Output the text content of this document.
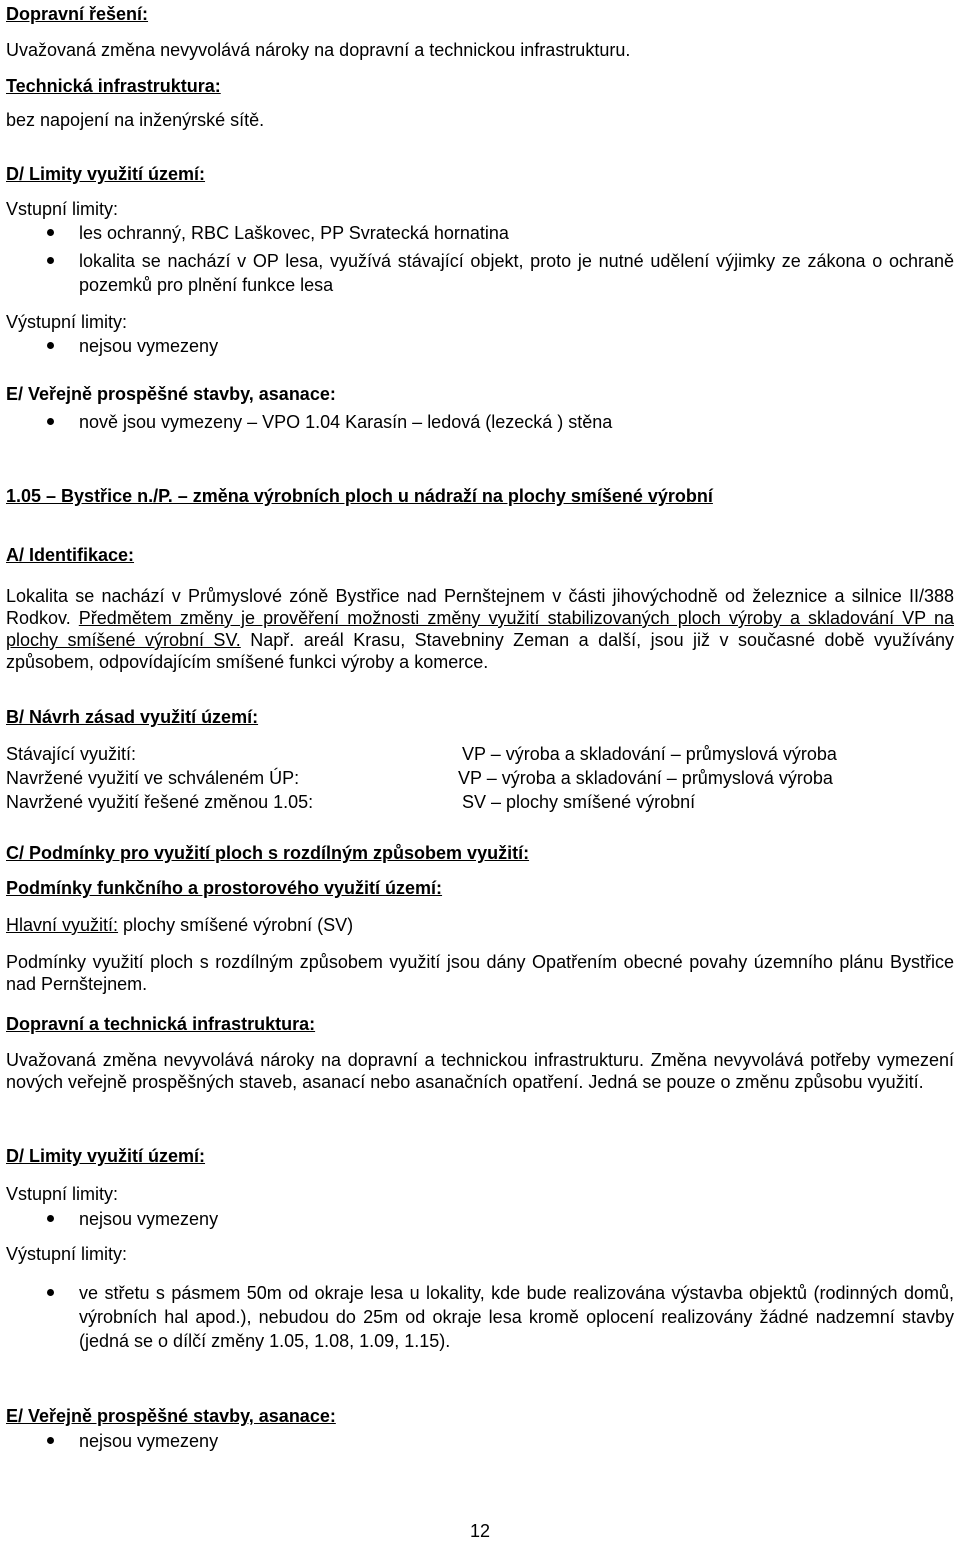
Dopravní řešení:
Uvažovaná změna nevyvolává nároky na dopravní a technickou infrastrukturu.
Technická infrastruktura:
bez napojení na inženýrské sítě.
D/ Limity využití území:
Vstupní limity:
les ochranný, RBC Laškovec, PP Svratecká hornatina
lokalita se nachází v OP lesa, využívá stávající objekt, proto je nutné udělení výjimky ze zákona o ochraně pozemků pro plnění funkce lesa
Výstupní limity:
nejsou vymezeny
E/ Veřejně prospěšné stavby, asanace:
nově jsou vymezeny – VPO 1.04 Karasín – ledová (lezecká ) stěna
1.05 – Bystřice n./P. – změna výrobních ploch u nádraží na plochy smíšené výrobní
A/ Identifikace:
Lokalita se nachází v Průmyslové zóně Bystřice nad Pernštejnem v části jihovýchodně od železnice a silnice II/388 Rodkov. Předmětem změny je prověření možnosti změny využití stabilizovaných ploch výroby a skladování VP na plochy smíšené výrobní SV. Např. areál Krasu, Stavebniny Zeman a další, jsou již v současné době využívány způsobem, odpovídajícím smíšené funkci výroby a komerce.
B/ Návrh zásad využití území:
Stávající využití:	VP – výroba a skladování – průmyslová výroba
Navržené využití ve schváleném ÚP:	VP – výroba a skladování – průmyslová výroba
Navržené využití řešené změnou 1.05:	SV – plochy smíšené výrobní
C/ Podmínky pro využití ploch s rozdílným způsobem využití:
Podmínky funkčního a prostorového využití území:
Hlavní využití: plochy smíšené výrobní (SV)
Podmínky využití ploch s rozdílným způsobem využití jsou dány Opatřením obecné povahy územního plánu Bystřice nad Pernštejnem.
Dopravní a technická infrastruktura:
Uvažovaná změna nevyvolává nároky na dopravní a technickou infrastrukturu. Změna nevyvolává potřeby vymezení nových veřejně prospěšných staveb, asanací nebo asanačních opatření. Jedná se pouze o změnu způsobu využití.
D/ Limity využití území:
Vstupní limity:
nejsou vymezeny
Výstupní limity:
ve střetu s pásmem 50m od okraje lesa u lokality, kde bude realizována výstavba objektů (rodinných domů, výrobních hal apod.), nebudou do 25m od okraje lesa kromě oplocení realizovány žádné nadzemní stavby (jedná se o dílčí změny 1.05, 1.08, 1.09, 1.15).
E/ Veřejně prospěšné stavby, asanace:
nejsou vymezeny
12
